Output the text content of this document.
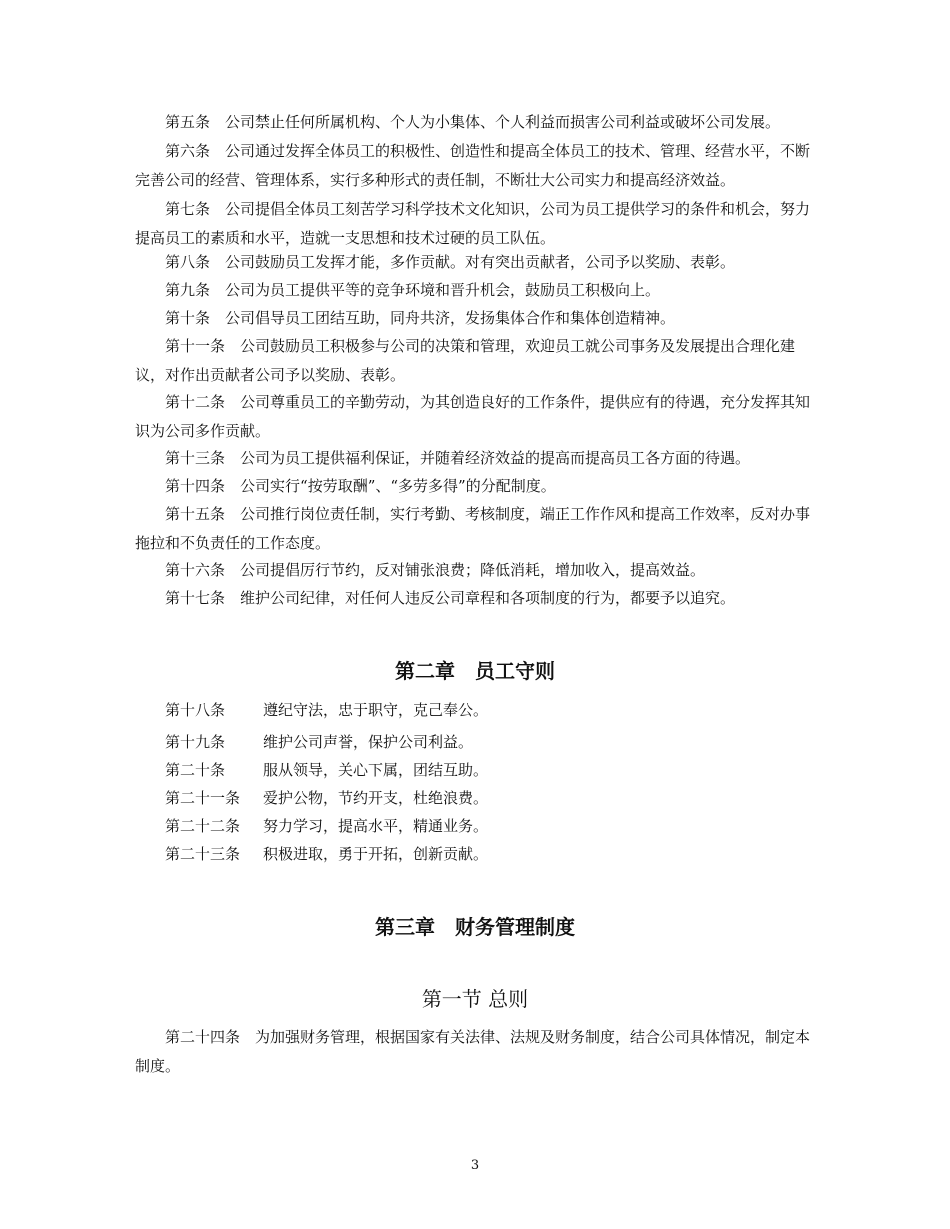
第五条　 公司禁止任何所属机构、个人为小集体、个人利益而损害公司利益或破坏公司发展。

第六条　 公司通过发挥全体员工的积极性、创造性和提高全体员工的技术、管理、经营水平，不断完善公司的经营、管理体系，实行多种形式的责任制，不断壮大公司实力和提高经济效益。

第七条　 公司提倡全体员工刻苦学习科学技术文化知识，公司为员工提供学习的条件和机会，努力提高员工的素质和水平，造就一支思想和技术过硬的员工队伍。

第八条　 公司鼓励员工发挥才能，多作贡献。对有突出贡献者，公司予以奖励、表彰。

第九条　 公司为员工提供平等的竞争环境和晋升机会，鼓励员工积极向上。

第十条　 公司倡导员工团结互助，同舟共济，发扬集体合作和集体创造精神。

第十一条　 公司鼓励员工积极参与公司的决策和管理，欢迎员工就公司事务及发展提出合理化建议，对作出贡献者公司予以奖励、表彰。

第十二条　 公司尊重员工的辛勤劳动，为其创造良好的工作条件，提供应有的待遇，充分发挥其知识为公司多作贡献。

第十三条　 公司为员工提供福利保证，并随着经济效益的提高而提高员工各方面的待遇。

第十四条　 公司实行“按劳取酬”、“多劳多得”的分配制度。

第十五条　 公司推行岗位责任制，实行考勤、考核制度，端正工作作风和提高工作效率，反对办事拖拉和不负责任的工作态度。

第十六条　 公司提倡厉行节约，反对铺张浪费；降低消耗，增加收入，提高效益。

第十七条　 维护公司纪律，对任何人违反公司章程和各项制度的行为，都要予以追究。

第二章　员工守则

第十八条	遵纪守法，忠于职守，克己奉公。

第十九条	维护公司声誉，保护公司利益。

第二十条	服从领导，关心下属，团结互助。

第二十一条 爱护公物，节约开支，杜绝浪费。

第二十二条 努力学习，提高水平，精通业务。

第二十三条 积极进取，勇于开拓，创新贡献。

第三章　财务管理制度
第一节 总则

第二十四条　 为加强财务管理，根据国家有关法律、法规及财务制度，结合公司具体情况，制定本制度。

3
